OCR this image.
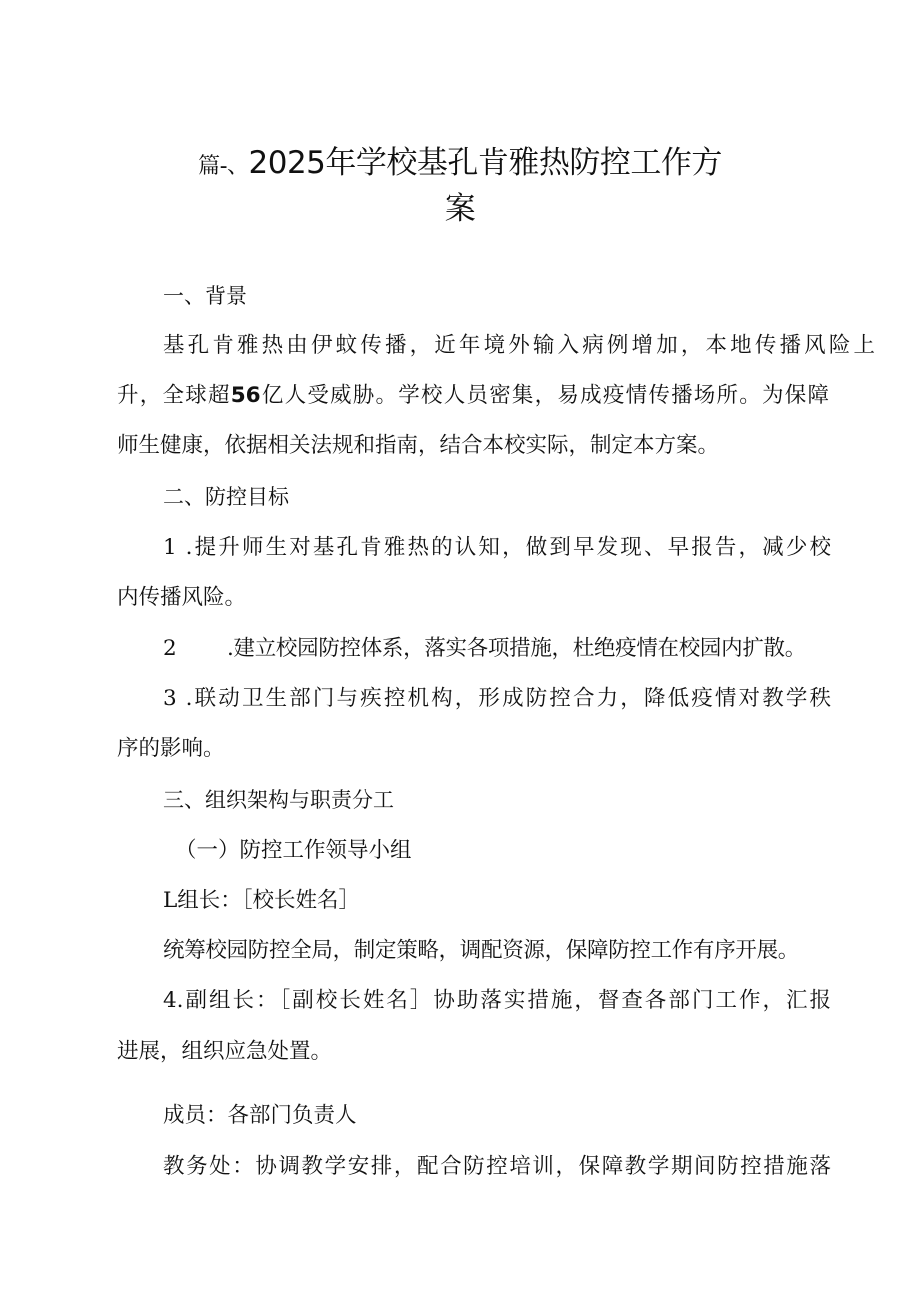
篇-、2025年学校基孔肯雅热防控工作方
案
一、背景
基孔肯雅热由伊蚊传播，近年境外输入病例增加，本地传播风险上
升，全球超56亿人受威胁。学校人员密集，易成疫情传播场所。为保障
师生健康，依据相关法规和指南，结合本校实际，制定本方案。
二、防控目标
1 .提升师生对基孔肯雅热的认知，做到早发现、早报告，减少校
内传播风险。
2 .建立校园防控体系，落实各项措施，杜绝疫情在校园内扩散。
3 .联动卫生部门与疾控机构，形成防控合力，降低疫情对教学秩
序的影响。
三、组织架构与职责分工
（一）防控工作领导小组
L组长：［校长姓名］
统筹校园防控全局，制定策略，调配资源，保障防控工作有序开展。
4.副组长：［副校长姓名］协助落实措施，督查各部门工作，汇报
进展，组织应急处置。
成员：各部门负责人
教务处：协调教学安排，配合防控培训，保障教学期间防控措施落
